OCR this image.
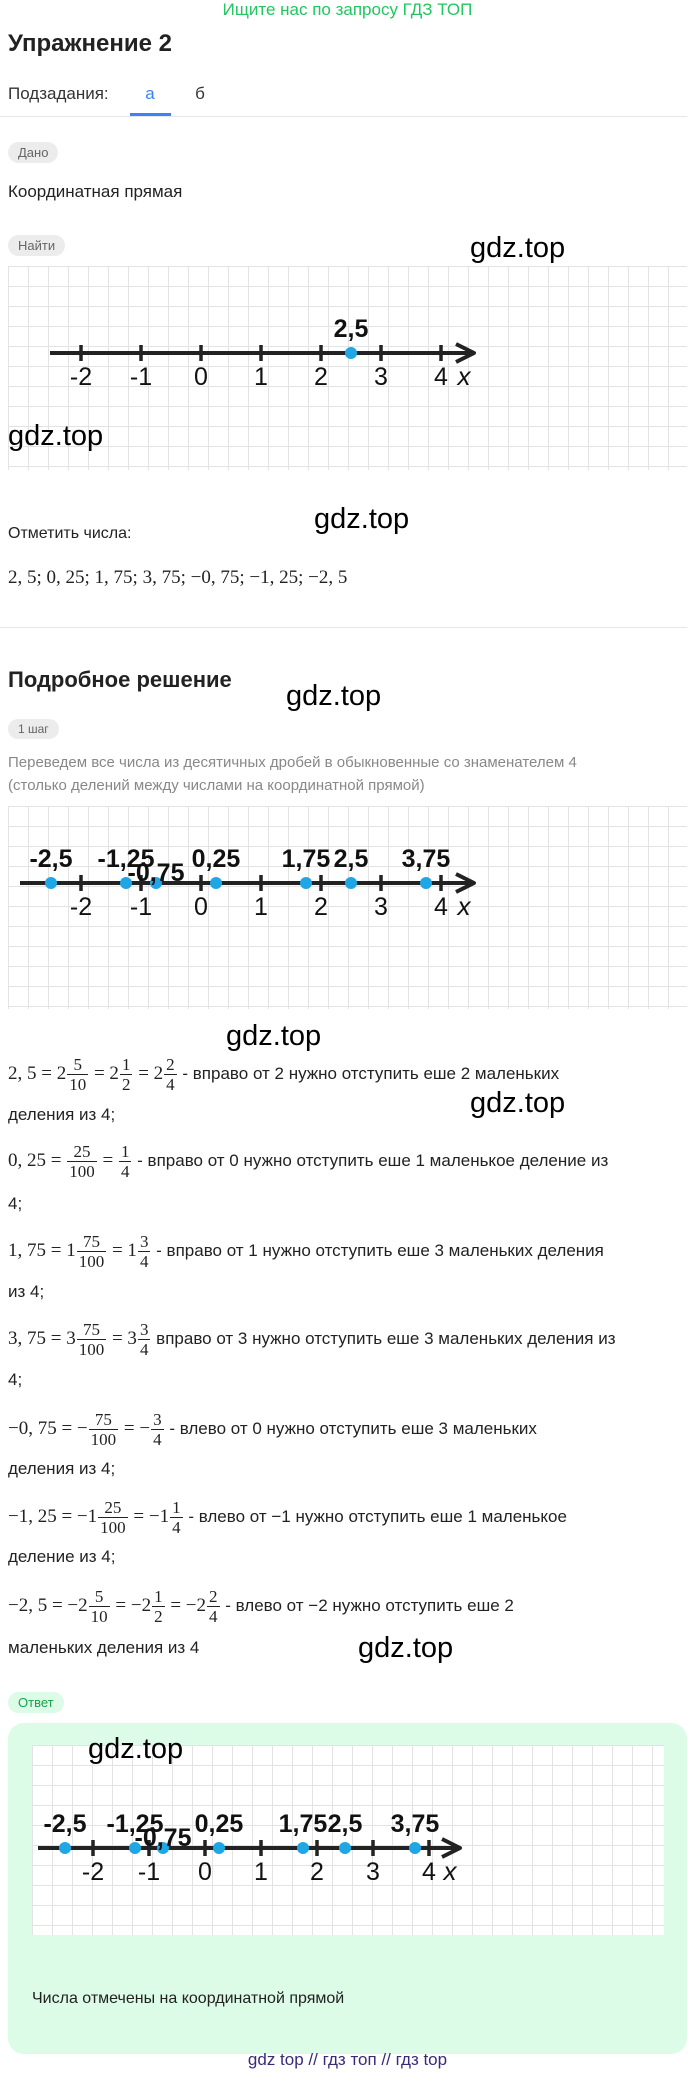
Ищите нас по запросу ГДЗ ТОП
Упражнение 2
Подзадания:	а	б
Дано
Координатная прямая
Найти
-2 -1 0 1 2 3 4 x
2,5
gdz.top
gdz.top
gdz.top
Отметить числа:
2, 5; 0, 25; 1, 75; 3, 75; −0, 75; −1, 25; −2, 5
Подробное решение
gdz.top
1 шаг
Переведем все числа из десятичных дробей в обыкновенные со знаменателем 4
(столько делений между числами на координатной прямой)
-2 -1 0 1 2 3 4 x
-2,5 -1,25
-0,75 0,25 1,75 2,5 3,75
gdz.top
gdz.top
2, $5 = 2 \frac{5}{10} = 2 \frac{1}{2} = 2 \frac{2}{4}$ - вправо от 2 нужно отступить еше 2 маленьких
деления из 4;
0, $25 = \frac{25}{100} = \frac{1}{4}$ - вправо от 0 нужно отступить еше 1 маленькое деление из
4;
1, $75 = 1 \frac{75}{100} = 1 \frac{3}{4}$ - вправо от 1 нужно отступить еше 3 маленьких деления
из 4;
3, $75 = 3 \frac{75}{100} = 3 \frac{3}{4}$ вправо от 3 нужно отступить еше 3 маленьких деления из
4;
−0, 75 = − $\frac{75}{100}$ = − $\frac{3}{4}$ - влево от 0 нужно отступить еше 3 маленьких
деления из 4;
−1, $25 = -1 \frac{25}{100} = -1 \frac{1}{4}$ - влево от −1 нужно отступить еше 1 маленькое
деление из 4;
−2, $5 = -2 \frac{5}{10} = -2 \frac{1}{2} = -2 \frac{2}{4}$ - влево от −2 нужно отступить еше 2
маленьких деления из 4	gdz.top
Ответ
-2 -1 0 1 2 3 4 x
-2,5 -1,25
-0,75 0,25 1,75 2,5 3,75
gdz.top
Числа отмечены на координатной прямой
gdz top // гдз топ // гдз top
